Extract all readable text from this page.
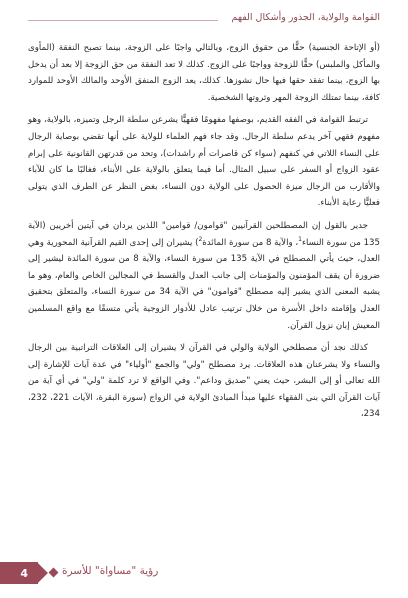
القوامة والولاية، الجذور وأشكال الفهم

(أو الإتاحة الجنسية) حقًّا من حقوق الزوج، وبالتالي واجبًا على الزوجة، بينما تصبح النفقة (المأوى والمأكل والملبس) حقًّا للزوجة وواجبًا على الزوج. كذلك لا تعد النفقة من حق الزوجة إلا بعد أن يدخل بها الزوج، بينما تفقد حقها فيها حال نشوزها. كذلك، يعد الزوج المنفق الأوحد والمالك الأوحد للموارد كافة، بينما تمتلك الزوجة المهر وثروتها الشخصية.

ترتبط القوامة في الفقه القديم، بوصفها مفهومًا فقهيًّا يشرعن سلطة الرجل وتميزه، بالولاية، وهو مفهوم فقهي آخر يدعم سلطة الرجال. وقد جاء فهم العلماء للولاية على أنها تقضي بوصاية الرجال على النساء اللاتي في كنفهم (سواء كن قاصرات أم راشدات)، وتحد من قدرتهن القانونية على إبرام عقود الزواج أو السفر على سبيل المثال. أما فيما يتعلق بالولاية على الأبناء، فغالبًا ما كان للآباء والأقارب من الرجال ميزة الحصول على الولاية دون النساء، بغض النظر عن الطرف الذي يتولى فعليًّا رعاية الأبناء.

جدير بالقول إن المصطلحين القرآنيين "قوامون/ قوامين" اللذين يردان في آيتين أخريين (الآية 135 من سورة النساء$^1$، والآية 8 من سورة المائدة$^2$) يشيران إلى إحدى القيم القرآنية المحورية وهي العدل، حيث يأتي المصطلح في الآية 135 من سورة النساء، والآية 8 من سورة المائدة ليشير إلى ضرورة أن يقف المؤمنون والمؤمنات إلى جانب العدل والقسط في المجالين الخاص والعام، وهو ما يشبه المعنى الذي يشير إليه مصطلح "قوامون" في الآية 34 من سورة النساء، والمتعلق بتحقيق العدل وإقامته داخل الأسرة من خلال ترتيب عادل للأدوار الزوجية يأتي متسقًا مع واقع المسلمين المعيش إبان نزول القرآن.

كذلك نجد أن مصطلحي الولاية والولي في القرآن لا يشيران إلى العلاقات التراتبية بين الرجال والنساء ولا يشرعنان هذه العلاقات. يرد مصطلح "ولي" والجمع "أولياء" في عدة آيات للإشارة إلى الله تعالى أو إلى البشر، حيث يعني "صديق وداعم". وفي الواقع لا ترد كلمة "ولي" في أي آية من آيات القرآن التي بنى الفقهاء عليها مبدأ المبادئ الولاية في الزواج (سورة البقرة، الآيات 221، 232، 234،

4	رؤية "مساواة" للأسرة
